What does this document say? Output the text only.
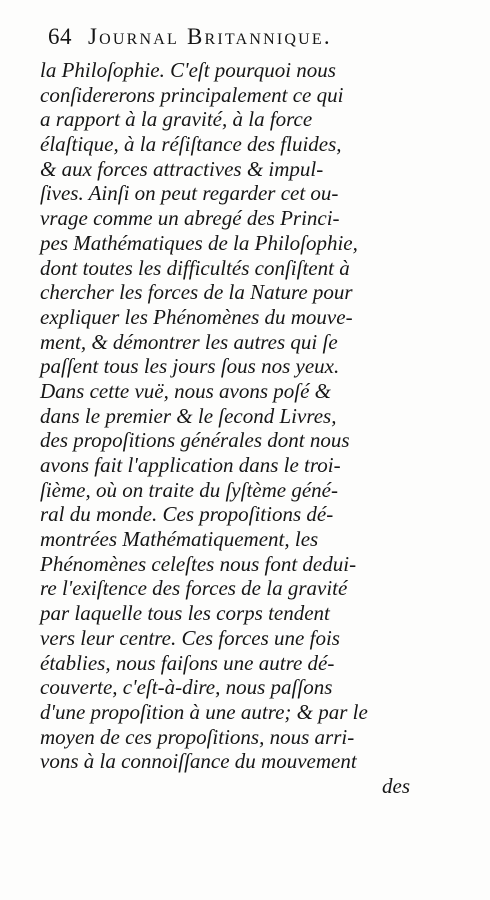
64 Journal Britannique.
la Philoſophie. C'eſt pourquoi nous
conſidererons principalement ce qui
a rapport à la gravité, à la force
élaſtique, à la réſiſtance des fluides,
& aux forces attractives & impul-
ſives. Ainſi on peut regarder cet ou-
vrage comme un abregé des Princi-
pes Mathématiques de la Philoſophie,
dont toutes les difficultés conſiſtent à
chercher les forces de la Nature pour
expliquer les Phénomènes du mouve-
ment, & démontrer les autres qui ſe
paſſent tous les jours ſous nos yeux.
Dans cette vuë, nous avons poſé &
dans le premier & le ſecond Livres,
des propoſitions générales dont nous
avons fait l'application dans le troi-
ſième, où on traite du ſyſtème géné-
ral du monde. Ces propoſitions dé-
montrées Mathématiquement, les
Phénomènes celeſtes nous font dedui-
re l'exiſtence des forces de la gravité
par laquelle tous les corps tendent
vers leur centre. Ces forces une fois
établies, nous faiſons une autre dé-
couverte, c'eſt-à-dire, nous paſſons
d'une propoſition à une autre; & par le
moyen de ces propoſitions, nous arri-
vons à la connoiſſance du mouvement
des
